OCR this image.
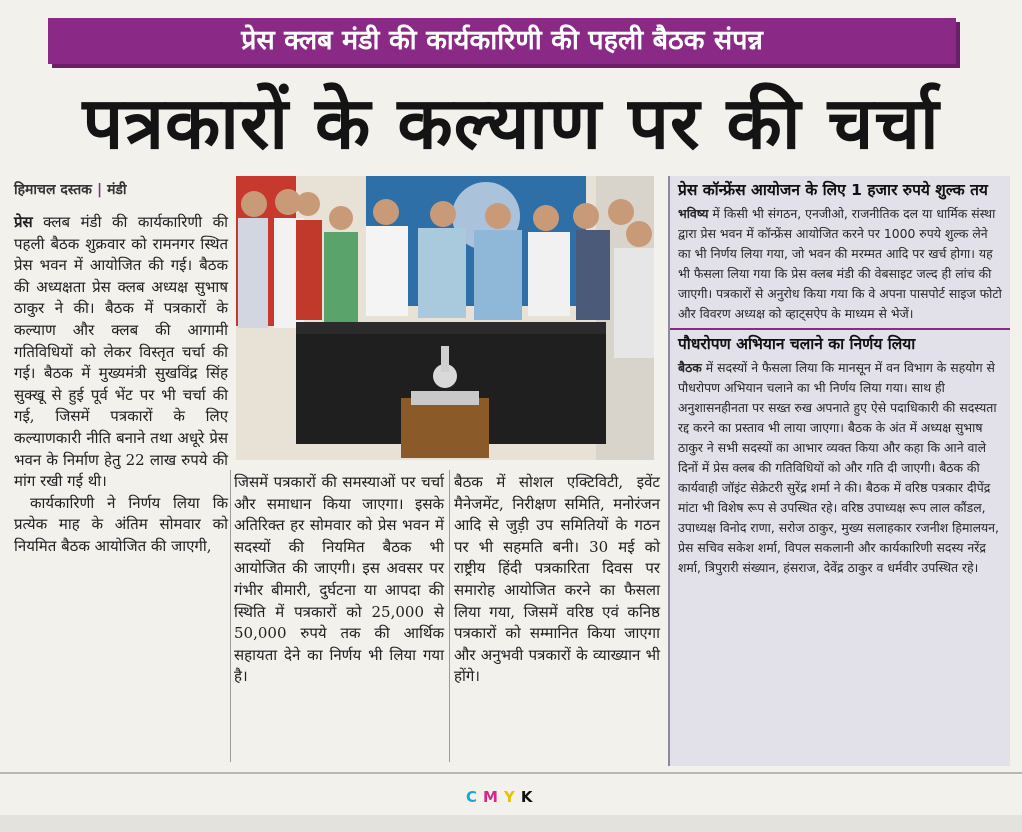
प्रेस क्लब मंडी की कार्यकारिणी की पहली बैठक संपन्न
पत्रकारों के कल्याण पर की चर्चा
हिमाचल दस्तक | मंडी

प्रेस क्लब मंडी की कार्यकारिणी की पहली बैठक शुक्रवार को रामनगर स्थित प्रेस भवन में आयोजित की गई। बैठक की अध्यक्षता प्रेस क्लब अध्यक्ष सुभाष ठाकुर ने की। बैठक में पत्रकारों के कल्याण और क्लब की आगामी गतिविधियों को लेकर विस्तृत चर्चा की गई। बैठक में मुख्यमंत्री सुखविंद्र सिंह सुक्खू से हुई पूर्व भेंट पर भी चर्चा की गई, जिसमें पत्रकारों के लिए कल्याणकारी नीति बनाने तथा अधूरे प्रेस भवन के निर्माण हेतु 22 लाख रुपये की मांग रखी गई थी।

कार्यकारिणी ने निर्णय लिया कि प्रत्येक माह के अंतिम सोमवार को नियमित बैठक आयोजित की जाएगी,

जिसमें पत्रकारों की समस्याओं पर चर्चा और समाधान किया जाएगा। इसके अतिरिक्त हर सोमवार को प्रेस भवन में सदस्यों की नियमित बैठक भी आयोजित की जाएगी। इस अवसर पर गंभीर बीमारी, दुर्घटना या आपदा की स्थिति में पत्रकारों को 25,000 से 50,000 रुपये तक की आर्थिक सहायता देने का निर्णय भी लिया गया है।
बैठक में सोशल एक्टिविटी, इवेंट मैनेजमेंट, निरीक्षण समिति, मनोरंजन आदि से जुड़ी उप समितियों के गठन पर भी सहमति बनी। 30 मई को राष्ट्रीय हिंदी पत्रकारिता दिवस पर समारोह आयोजित करने का फैसला लिया गया, जिसमें वरिष्ठ एवं कनिष्ठ पत्रकारों को सम्मानित किया जाएगा और अनुभवी पत्रकारों के व्याख्यान भी होंगे।
प्रेस कॉन्फ्रेंस आयोजन के लिए 1 हजार रुपये शुल्क तय
भविष्य में किसी भी संगठन, एनजीओ, राजनीतिक दल या धार्मिक संस्था द्वारा प्रेस भवन में कॉन्फ्रेंस आयोजित करने पर 1000 रुपये शुल्क लेने का भी निर्णय लिया गया, जो भवन की मरम्मत आदि पर खर्च होगा। यह भी फैसला लिया गया कि प्रेस क्लब मंडी की वेबसाइट जल्द ही लांच की जाएगी। पत्रकारों से अनुरोध किया गया कि वे अपना पासपोर्ट साइज फोटो और विवरण अध्यक्ष को व्हाट्सऐप के माध्यम से भेजें।
पौधरोपण अभियान चलाने का निर्णय लिया
बैठक में सदस्यों ने फैसला लिया कि मानसून में वन विभाग के सहयोग से पौधरोपण अभियान चलाने का भी निर्णय लिया गया। साथ ही अनुशासनहीनता पर सख्त रुख अपनाते हुए ऐसे पदाधिकारी की सदस्यता रद्द करने का प्रस्ताव भी लाया जाएगा। बैठक के अंत में अध्यक्ष सुभाष ठाकुर ने सभी सदस्यों का आभार व्यक्त किया और कहा कि आने वाले दिनों में प्रेस क्लब की गतिविधियों को और गति दी जाएगी। बैठक की कार्यवाही जॉइंट सेक्रेटरी सुरेंद्र शर्मा ने की। बैठक में वरिष्ठ पत्रकार दीपेंद्र मांटा भी विशेष रूप से उपस्थित रहे। वरिष्ठ उपाध्यक्ष रूप लाल कौंडल, उपाध्यक्ष विनोद राणा, सरोज ठाकुर, मुख्य सलाहकार रजनीश हिमालयन, प्रेस सचिव सकेश शर्मा, विपल सकलानी और कार्यकारिणी सदस्य नरेंद्र शर्मा, त्रिपुरारी संख्यान, हंसराज, देवेंद्र ठाकुर व धर्मवीर उपस्थित रहे।
CMYK
